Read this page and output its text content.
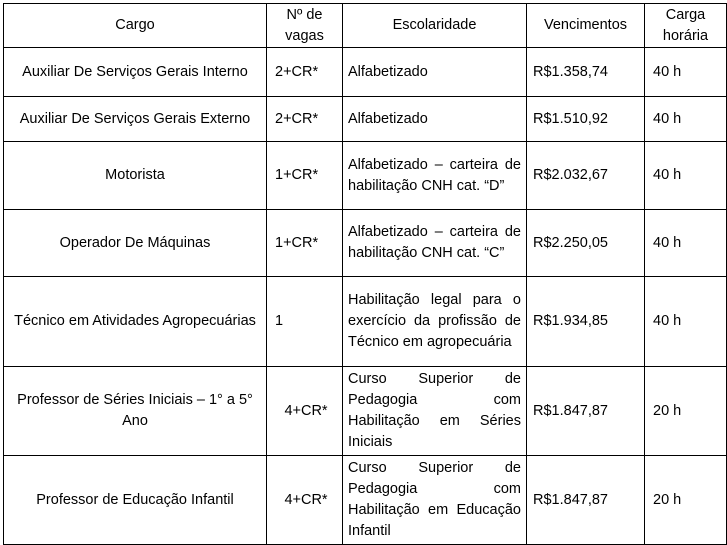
Cargo	Nº de vagas	Escolaridade	Vencimentos	Carga horária
Auxiliar De Serviços Gerais Interno	2+CR*	Alfabetizado	R$1.358,74	40 h
Auxiliar De Serviços Gerais Externo	2+CR*	Alfabetizado	R$1.510,92	40 h
Motorista	1+CR*	Alfabetizado – carteira de habilitação CNH cat. “D”	R$2.032,67	40 h
Operador De Máquinas	1+CR*	Alfabetizado – carteira de habilitação CNH cat. “C”	R$2.250,05	40 h
Técnico em Atividades Agropecuárias	1	Habilitação legal para o exercício da profissão de Técnico em agropecuária	R$1.934,85	40 h
Professor de Séries Iniciais – 1° a 5° Ano	4+CR*	Curso Superior de Pedagogia com Habilitação em Séries Iniciais	R$1.847,87	20 h
Professor de Educação Infantil	4+CR*	Curso Superior de Pedagogia com Habilitação em Educação Infantil	R$1.847,87	20 h
